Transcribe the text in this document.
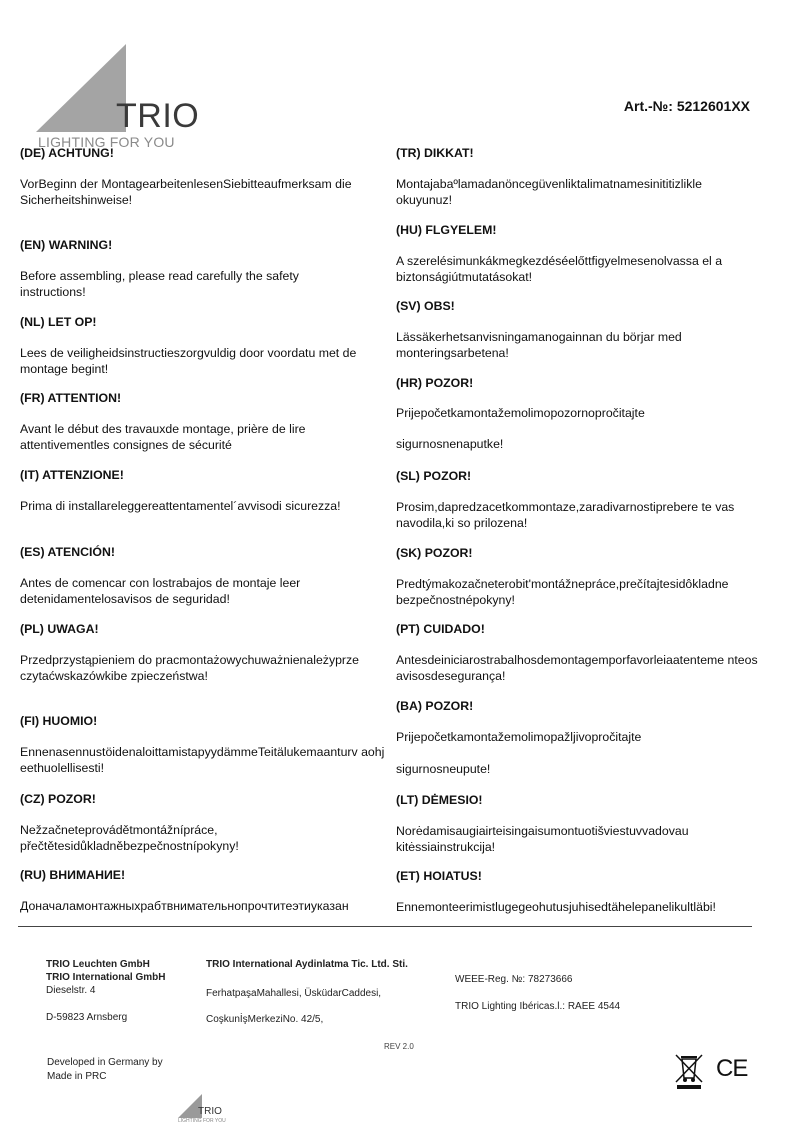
TRIO
LIGHTING FOR YOU
Art.-№: 5212601XX
(DE) ACHTUNG!

VorBeginn der MontagearbeitenlesenSiebitteaufmerksam die Sicherheitshinweise!

(EN) WARNING!

Before assembling, please read carefully the safety instructions!

(NL) LET OP!

Lees de veiligheidsinstructieszorgvuldig door voordatu met de montage begint!

(FR) ATTENTION!

Avant le début des travauxde montage, prière de lire attentivementles consignes de sécurité

(IT) ATTENZIONE!

Prima di installareleggereattentamentel´avvisodi sicurezza!

(ES) ATENCIÓN!

Antes de comencar con lostrabajos de montaje leer detenidamentelosavisos de seguridad!

(PL) UWAGA!

Przedprzystąpieniem do pracmontażowychuważnienależyprzeczytaćwskazówkibe zpieczeństwa!

(FI) HUOMIO!

EnnenasennustöidenaloittamistapyydämmeTeitälukemaanturv aohjeethuolellisesti!

(CZ) POZOR!

Nežzačneteprovádětmontážnípráce, přečtětesidůkladněbezpečnostnípokyny!

(RU) ВНИМАНИЕ!

Доначаламонтажныхрабтвнимательнопрочтитеэтиуказан

(TR) DIKKAT!

Montajabaºlamadanöncegüvenliktalimatnamesinititizlikle okuyunuz!

(HU) FLGYELEM!

A szerelésimunkákmegkezdéséelőttfigyelmesenolvassa el a biztonságiútmutatásokat!

(SV) OBS!

Lässäkerhetsanvisningamanogainnan du börjar med monteringsarbetena!

(HR) POZOR!

Prijepočetkamontažemolimopozornopročitajte

sigurnosnenaputke!

(SL) POZOR!

Prosim,dapredzacetkommontaze,zaradivarnostiprebere te vas navodila,ki so prilozena!

(SK) POZOR!

Predtýmakozačneterobit'montážnepráce,prečítajtesidôkladne bezpečnostnépokyny!

(PT) CUIDADO!

Antesdeiniciarostrabalhosdemontagemporfavorleiaatenteme nteosavisosdesegurança!

(BA) POZOR!

Prijepočetkamontažemolimopažljivopročitajte

sigurnosneupute!

(LT) DĖMESIO!

Norėdamisaugiairteisingaisumontuotišviestuvvadovau kitėssiainstrukcija!

(ET) HOIATUS!

Ennemonteerimistlugegeohutusjuhisedtähelepanelikultläbi!

TRIO Leuchten GmbH
TRIO International GmbH
Dieselstr. 4
D-59823 Arnsberg
TRIO International Aydinlatma Tic. Ltd. Sti.
FerhatpaşaMahallesi, ÜsküdarCaddesi,
CoşkunİşMerkeziNo. 42/5,
WEEE-Reg. №: 78273666
TRIO Lighting Ibéricas.l.: RAEE 4544
REV 2.0
Developed in Germany by
Made in PRC	CE
TRIO
LIGHTING FOR YOU
